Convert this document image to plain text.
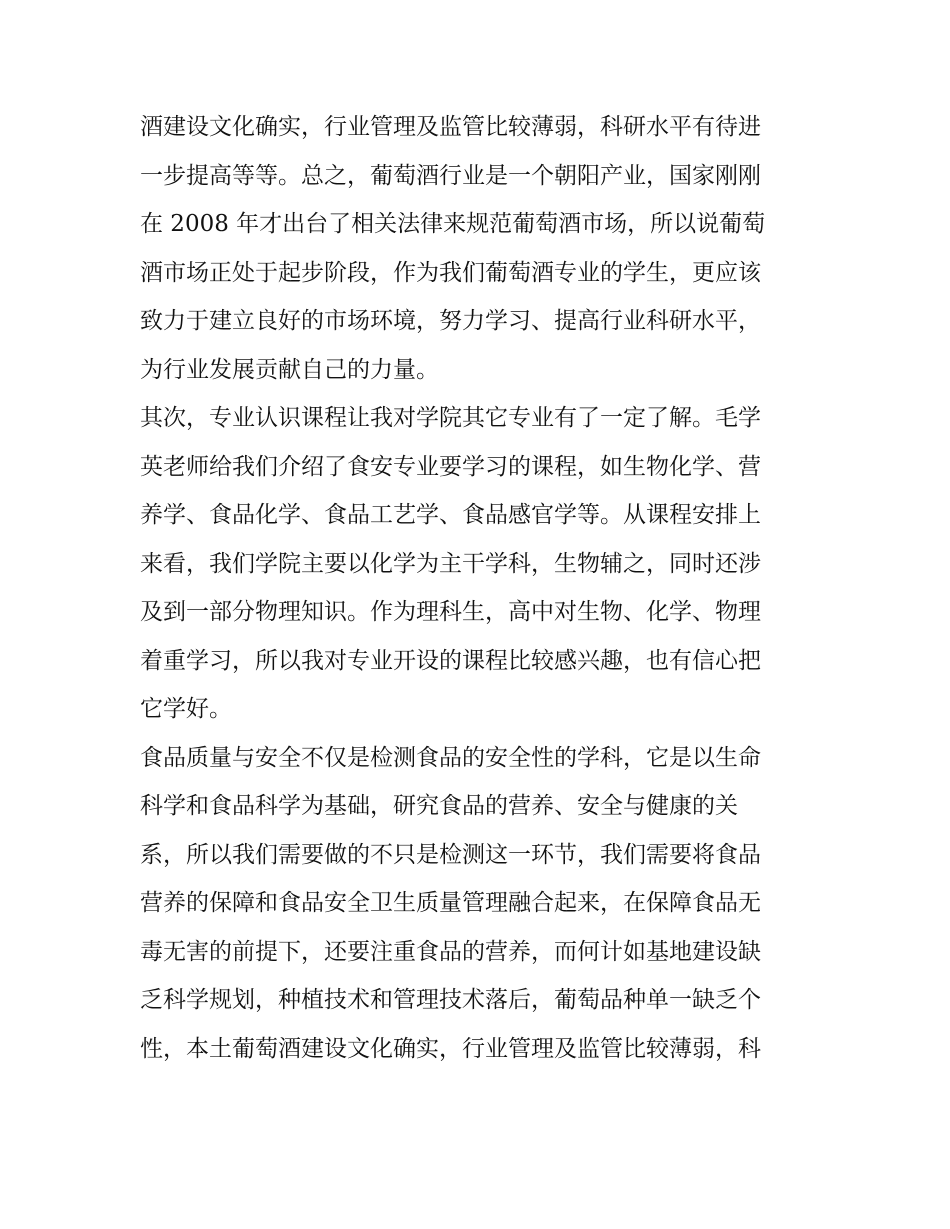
酒建设文化确实，行业管理及监管比较薄弱，科研水平有待进
一步提高等等。总之，葡萄酒行业是一个朝阳产业，国家刚刚
在 2008 年才出台了相关法律来规范葡萄酒市场，所以说葡萄
酒市场正处于起步阶段，作为我们葡萄酒专业的学生，更应该
致力于建立良好的市场环境，努力学习、提高行业科研水平，
为行业发展贡献自己的力量。
其次，专业认识课程让我对学院其它专业有了一定了解。毛学
英老师给我们介绍了食安专业要学习的课程，如生物化学、营
养学、食品化学、食品工艺学、食品感官学等。从课程安排上
来看，我们学院主要以化学为主干学科，生物辅之，同时还涉
及到一部分物理知识。作为理科生，高中对生物、化学、物理
着重学习，所以我对专业开设的课程比较感兴趣，也有信心把
它学好。
食品质量与安全不仅是检测食品的安全性的学科，它是以生命
科学和食品科学为基础，研究食品的营养、安全与健康的关
系，所以我们需要做的不只是检测这一环节，我们需要将食品
营养的保障和食品安全卫生质量管理融合起来，在保障食品无
毒无害的前提下，还要注重食品的营养，而何计如基地建设缺
乏科学规划，种植技术和管理技术落后，葡萄品种单一缺乏个
性，本土葡萄酒建设文化确实，行业管理及监管比较薄弱，科
